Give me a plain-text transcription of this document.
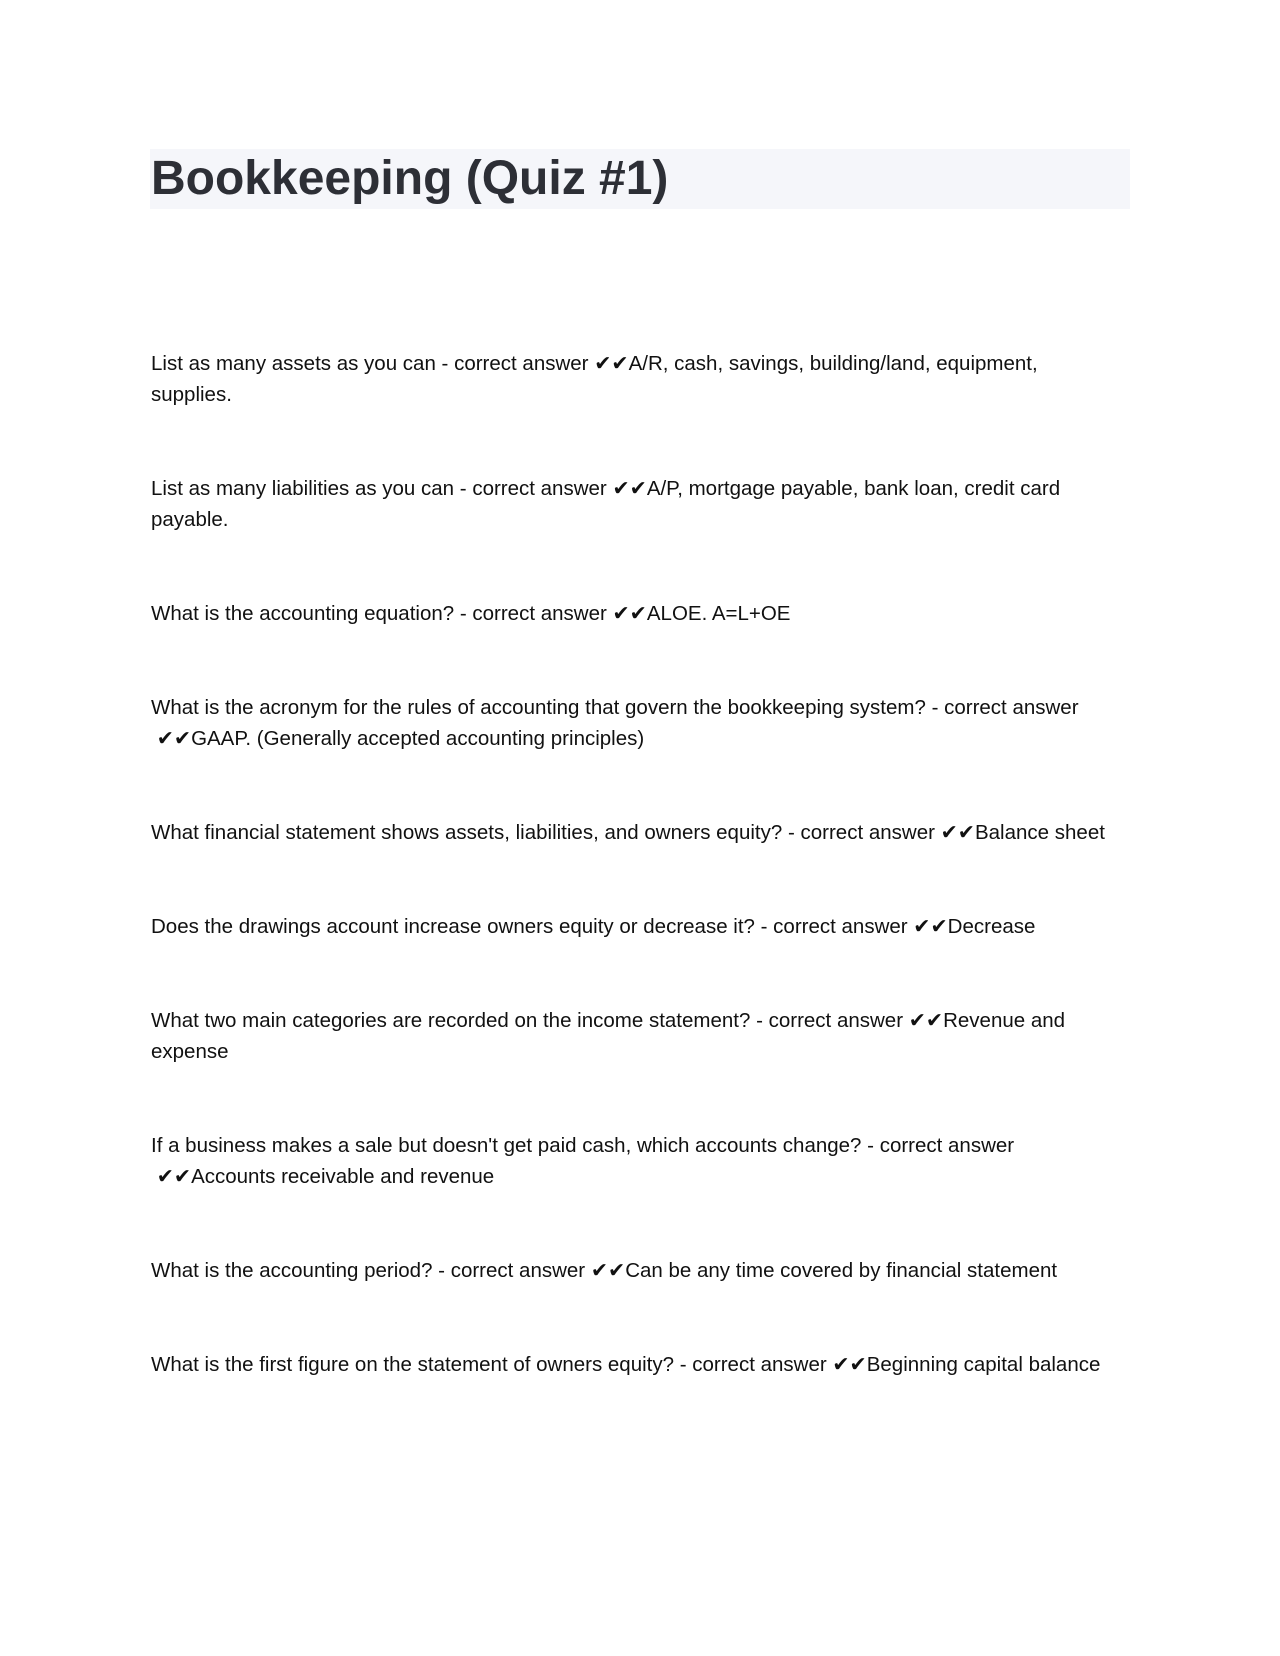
Bookkeeping (Quiz #1)
List as many assets as you can - correct answer ✔✔A/R, cash, savings, building/land, equipment, supplies.
List as many liabilities as you can - correct answer ✔✔A/P, mortgage payable, bank loan, credit card payable.
What is the accounting equation? - correct answer ✔✔ALOE. A=L+OE
What is the acronym for the rules of accounting that govern the bookkeeping system? - correct answer ✔✔GAAP. (Generally accepted accounting principles)
What financial statement shows assets, liabilities, and owners equity? - correct answer ✔✔Balance sheet
Does the drawings account increase owners equity or decrease it? - correct answer ✔✔Decrease
What two main categories are recorded on the income statement? - correct answer ✔✔Revenue and expense
If a business makes a sale but doesn't get paid cash, which accounts change? - correct answer ✔✔Accounts receivable and revenue
What is the accounting period? - correct answer ✔✔Can be any time covered by financial statement
What is the first figure on the statement of owners equity? - correct answer ✔✔Beginning capital balance
